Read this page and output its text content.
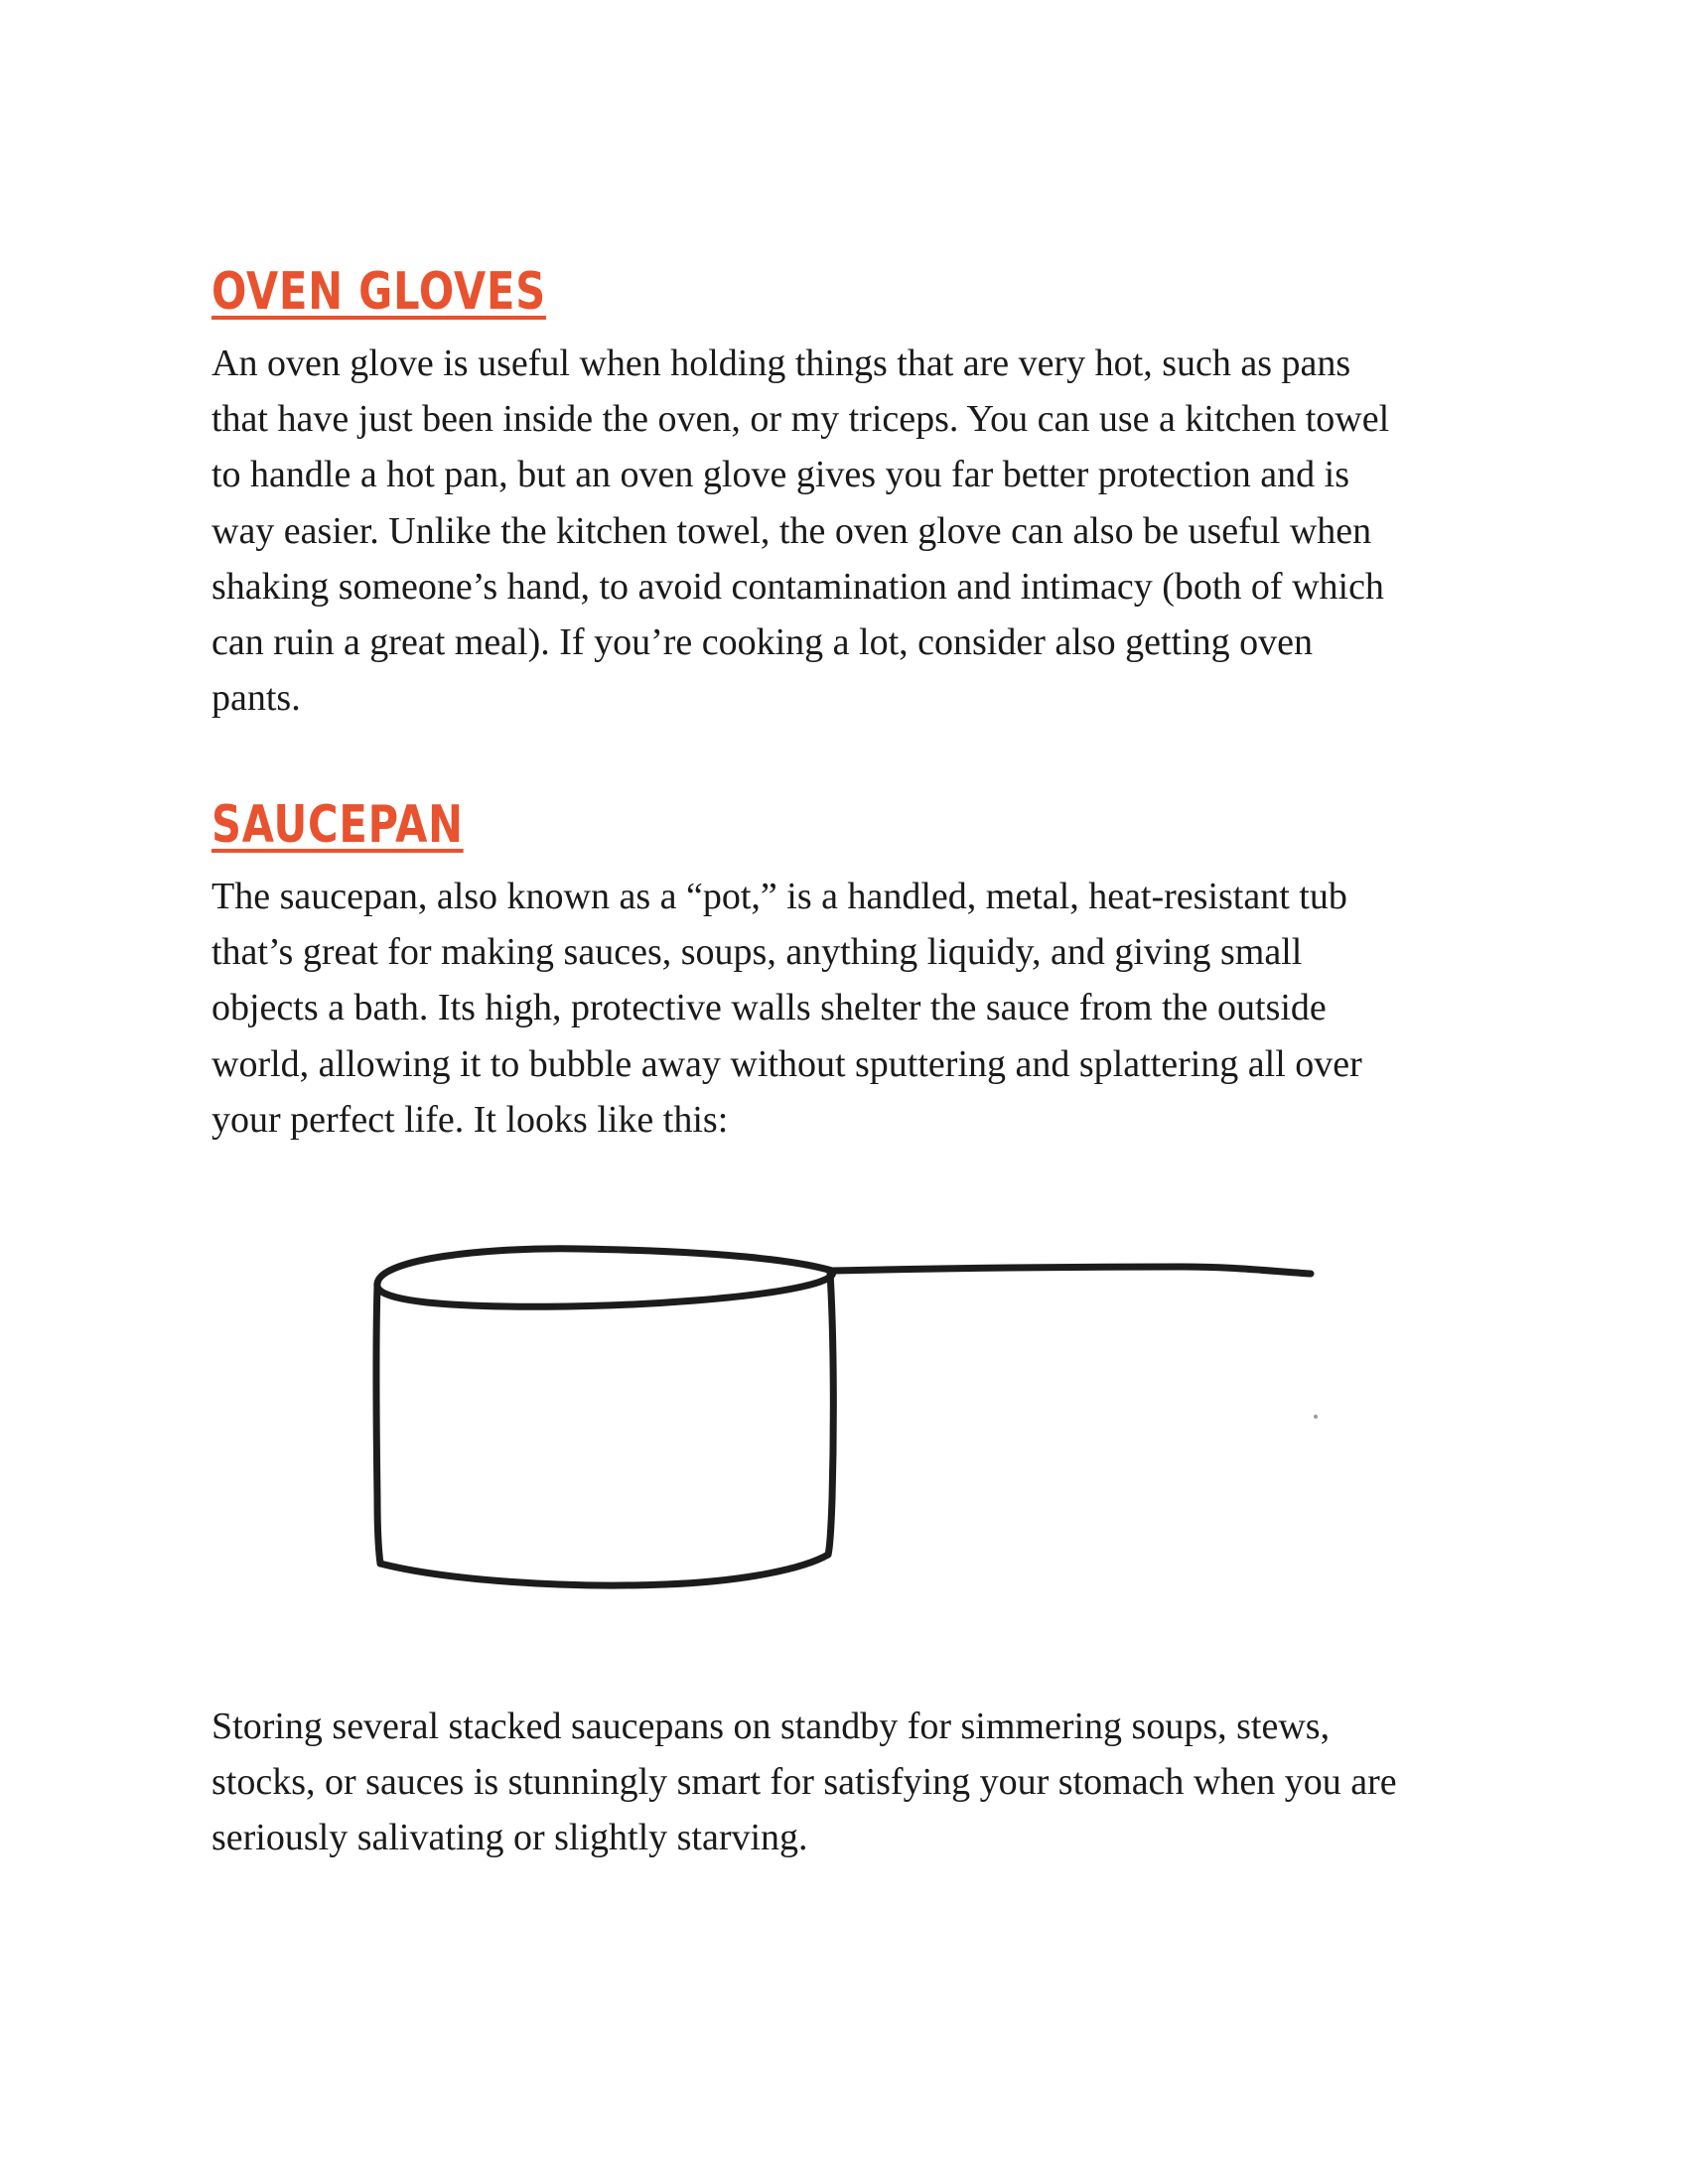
OVEN GLOVES

An oven glove is useful when holding things that are very hot, such as pans
that have just been inside the oven, or my triceps. You can use a kitchen towel
to handle a hot pan, but an oven glove gives you far better protection and is
way easier. Unlike the kitchen towel, the oven glove can also be useful when
shaking someone’s hand, to avoid contamination and intimacy (both of which
can ruin a great meal). If you’re cooking a lot, consider also getting oven
pants.

SAUCEPAN

The saucepan, also known as a “pot,” is a handled, metal, heat-resistant tub
that’s great for making sauces, soups, anything liquidy, and giving small
objects a bath. Its high, protective walls shelter the sauce from the outside
world, allowing it to bubble away without sputtering and splattering all over
your perfect life. It looks like this:

Storing several stacked saucepans on standby for simmering soups, stews,
stocks, or sauces is stunningly smart for satisfying your stomach when you are
seriously salivating or slightly starving.
